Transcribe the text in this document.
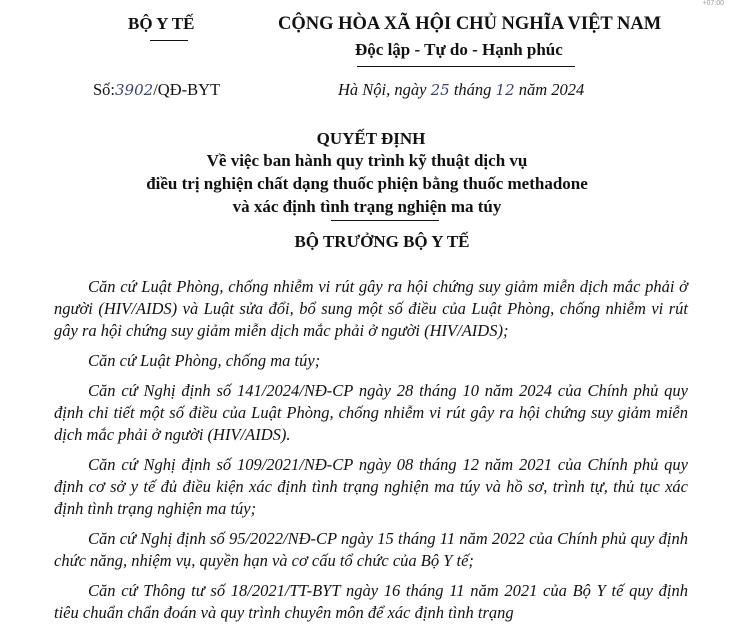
+07:00
BỘ Y TẾ	CỘNG HÒA XÃ HỘI CHỦ NGHĨA VIỆT NAM
Độc lập - Tự do - Hạnh phúc
Số:3902/QĐ-BYT	Hà Nội, ngày 25 tháng 12 năm 2024
QUYẾT ĐỊNH
Về việc ban hành quy trình kỹ thuật dịch vụ
điều trị nghiện chất dạng thuốc phiện bằng thuốc methadone
và xác định tình trạng nghiện ma túy
BỘ TRƯỞNG BỘ Y TẾ

Căn cứ Luật Phòng, chống nhiễm vi rút gây ra hội chứng suy giảm miễn dịch mắc phải ở người (HIV/AIDS) và Luật sửa đổi, bổ sung một số điều của Luật Phòng, chống nhiễm vi rút gây ra hội chứng suy giảm miễn dịch mắc phải ở người (HIV/AIDS);

Căn cứ Luật Phòng, chống ma túy;

Căn cứ Nghị định số 141/2024/NĐ-CP ngày 28 tháng 10 năm 2024 của Chính phủ quy định chi tiết một số điều của Luật Phòng, chống nhiễm vi rút gây ra hội chứng suy giảm miễn dịch mắc phải ở người (HIV/AIDS).

Căn cứ Nghị định số 109/2021/NĐ-CP ngày 08 tháng 12 năm 2021 của Chính phủ quy định cơ sở y tế đủ điều kiện xác định tình trạng nghiện ma túy và hồ sơ, trình tự, thủ tục xác định tình trạng nghiện ma túy;

Căn cứ Nghị định số 95/2022/NĐ-CP ngày 15 tháng 11 năm 2022 của Chính phủ quy định chức năng, nhiệm vụ, quyền hạn và cơ cấu tổ chức của Bộ Y tế;

Căn cứ Thông tư số 18/2021/TT-BYT ngày 16 tháng 11 năm 2021 của Bộ Y tế quy định tiêu chuẩn chẩn đoán và quy trình chuyên môn để xác định tình trạng
